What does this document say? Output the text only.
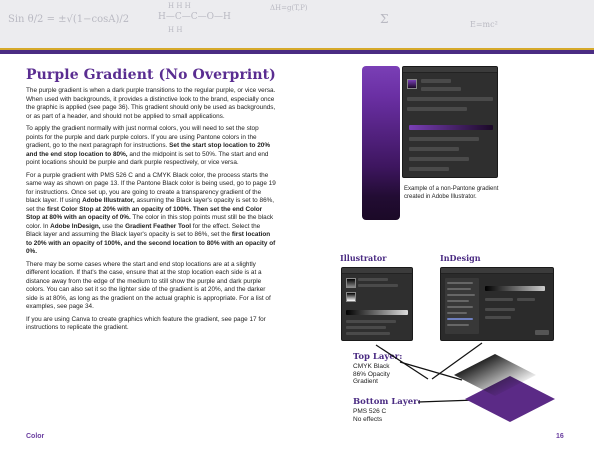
Sin θ/2 = ±√(1−cosA)/2
H H H
H—C—C—O—H
H H
ΔH=g(T,P)
Σ	E=mc²
Purple Gradient (No Overprint)

The purple gradient is when a dark purple transitions to the regular purple, or vice versa. When used with backgrounds, it provides a distinctive look to the brand, especially once the graphic is applied (see page 36). This gradient should only be used as backgrounds, or as part of a header, and should not be applied to small applications.

To apply the gradient normally with just normal colors, you will need to set the stop points for the purple and dark purple colors. If you are using Pantone colors in the gradient, go to the next paragraph for instructions. Set the start stop location to 20% and the end stop location to 80%, and the midpoint is set to 50%. The start and end point locations should be purple and dark purple respectively, or vice versa.

For a purple gradient with PMS 526 C and a CMYK Black color, the process starts the same way as shown on page 13. If the Pantone Black color is being used, go to page 19 for instructions. Once set up, you are going to create a transparency gradient of the black layer. If using Adobe Illustrator, assuming the Black layer's opacity is set to 86%, set the first Color Stop at 20% with an opacity of 100%. Then set the end Color Stop at 80% with an opacity of 0%. The color in this stop points must still be the black color. In Adobe InDesign, use the Gradient Feather Tool for the effect. Select the Black layer and assuming the Black layer's opacity is set to 86%, set the first location to 20% with an opacity of 100%, and the second location to 80% with an opacity of 0%.

There may be some cases where the start and end stop locations are at a slightly different location. If that's the case, ensure that at the stop location each side is at a distance away from the edge of the medium to still show the purple and dark purple colors. You can also set it so the lighter side of the gradient is at 20%, and the darker side is at 80%, as long as the gradient on the actual graphic is appropriate. For a list of examples, see page 34.

If you are using Canva to create graphics which feature the gradient, see page 17 for instructions to replicate the gradient.

Example of a non-Pantone gradient created in Adobe Illustrator.
Illustrator	InDesign
Top Layer:
CMYK Black
86% Opacity
Gradient
Bottom Layer:
PMS 526 C
No effects
Color	16
